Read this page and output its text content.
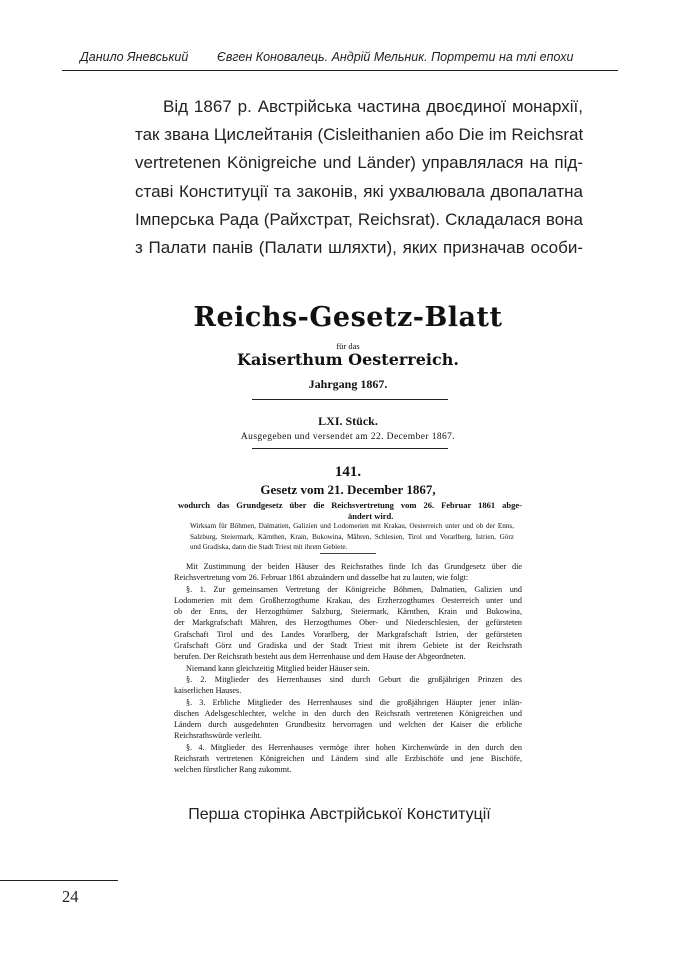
Данило Яневський Євген Коновалець. Андрій Мельник. Портрети на тлі епохи
Від 1867 р. Австрійська частина двоєдиної монархії,
так звана Цислейтанія (Cisleithanien або Die im Reichsrat
vertretenen Königreiche und Länder) управлялася на під-
ставі Конституції та законів, які ухвалювала двопалатна
Імперська Рада (Райхстрат, Reichsrat). Складалася вона
з Палати панів (Палати шляхти), яких призначав особи-
Reichs-Gesetz-Blatt
für das
Kaiserthum Oesterreich.
Jahrgang 1867.
LXI. Stück.
Ausgegeben und versendet am 22. December 1867.
141.
Gesetz vom 21. December 1867,
wodurch das Grundgesetz über die Reichsvertretung vom 26. Februar 1861 abge-
ändert wird.
Wirksam für Böhmen, Dalmatien, Galizien und Lodomerien mit Krakau, Oesterreich unter und ob der Enns,
Salzburg, Steiermark, Kärnthen, Krain, Bukowina, Mähren, Schlesien, Tirol und Vorarlberg, Istrien, Görz
und Gradiska, dann die Stadt Triest mit ihrem Gebiete.
Mit Zustimmung der beiden Häuser des Reichsrathes finde Ich das Grundgesetz über die
Reichsvertretung vom 26. Februar 1861 abzuändern und dasselbe hat zu lauten, wie folgt:
§. 1. Zur gemeinsamen Vertretung der Königreiche Böhmen, Dalmatien, Galizien und
Lodomerien mit dem Großherzogthume Krakau, des Erzherzogthumes Oesterreich unter und
ob der Enns, der Herzogthümer Salzburg, Steiermark, Kärnthen, Krain und Bukowina,
der Markgrafschaft Mähren, des Herzogthumes Ober- und Niederschlesien, der gefürsteten
Grafschaft Tirol und des Landes Vorarlberg, der Markgrafschaft Istrien, der gefürsteten
Grafschaft Görz und Gradiska und der Stadt Triest mit ihrem Gebiete ist der Reichsrath
berufen. Der Reichsrath besteht aus dem Herrenhause und dem Hause der Abgeordneten.
Niemand kann gleichzeitig Mitglied beider Häuser sein.
§. 2. Mitglieder des Herrenhauses sind durch Geburt die großjährigen Prinzen des
kaiserlichen Hauses.
§. 3. Erbliche Mitglieder des Herrenhauses sind die großjährigen Häupter jener inlän-
dischen Adelsgeschlechter, welche in den durch den Reichsrath vertretenen Königreichen und
Ländern durch ausgedehnten Grundbesitz hervorragen und welchen der Kaiser die erbliche
Reichsrathswürde verleiht.
§. 4. Mitglieder des Herrenhauses vermöge ihrer hohen Kirchenwürde in den durch den
Reichsrath vertretenen Königreichen und Ländern sind alle Erzbischöfe und jene Bischöfe,
welchen fürstlicher Rang zukommt.
Перша сторінка Австрійської Конституції
24
